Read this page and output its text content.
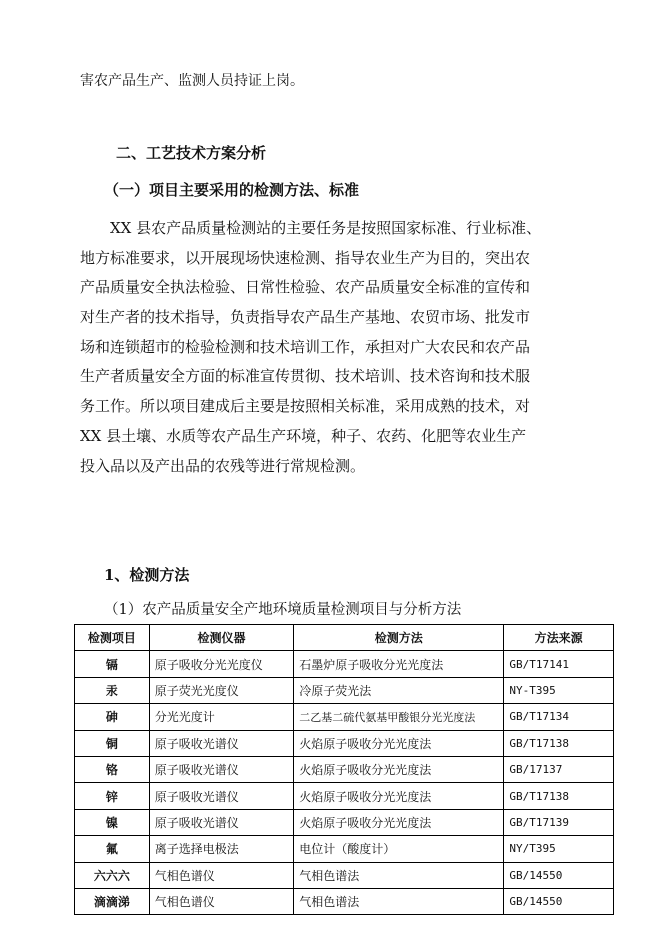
害农产品生产、监测人员持证上岗。
二、工艺技术方案分析
（一）项目主要采用的检测方法、标准
XX 县农产品质量检测站的主要任务是按照国家标准、行业标准、
地方标准要求，以开展现场快速检测、指导农业生产为目的，突出农
产品质量安全执法检验、日常性检验、农产品质量安全标准的宣传和
对生产者的技术指导，负责指导农产品生产基地、农贸市场、批发市
场和连锁超市的检验检测和技术培训工作，承担对广大农民和农产品
生产者质量安全方面的标准宣传贯彻、技术培训、技术咨询和技术服
务工作。所以项目建成后主要是按照相关标准，采用成熟的技术，对
XX 县土壤、水质等农产品生产环境，种子、农药、化肥等农业生产
投入品以及产出品的农残等进行常规检测。
1、检测方法
（1）农产品质量安全产地环境质量检测项目与分析方法
检测项目	检测仪器	检测方法	方法来源
镉	原子吸收分光光度仪	石墨炉原子吸收分光光度法	GB/T17141
汞	原子荧光光度仪	冷原子荧光法	NY-T395
砷	分光光度计	二乙基二硫代氨基甲酸银分光光度法	GB/T17134
铜	原子吸收光谱仪	火焰原子吸收分光光度法	GB/T17138
铬	原子吸收光谱仪	火焰原子吸收分光光度法	GB/17137
锌	原子吸收光谱仪	火焰原子吸收分光光度法	GB/T17138
镍	原子吸收光谱仪	火焰原子吸收分光光度法	GB/T17139
氟	离子选择电极法	电位计（酸度计）	NY/T395
六六六	气相色谱仪	气相色谱法	GB/14550
滴滴涕	气相色谱仪	气相色谱法	GB/14550
